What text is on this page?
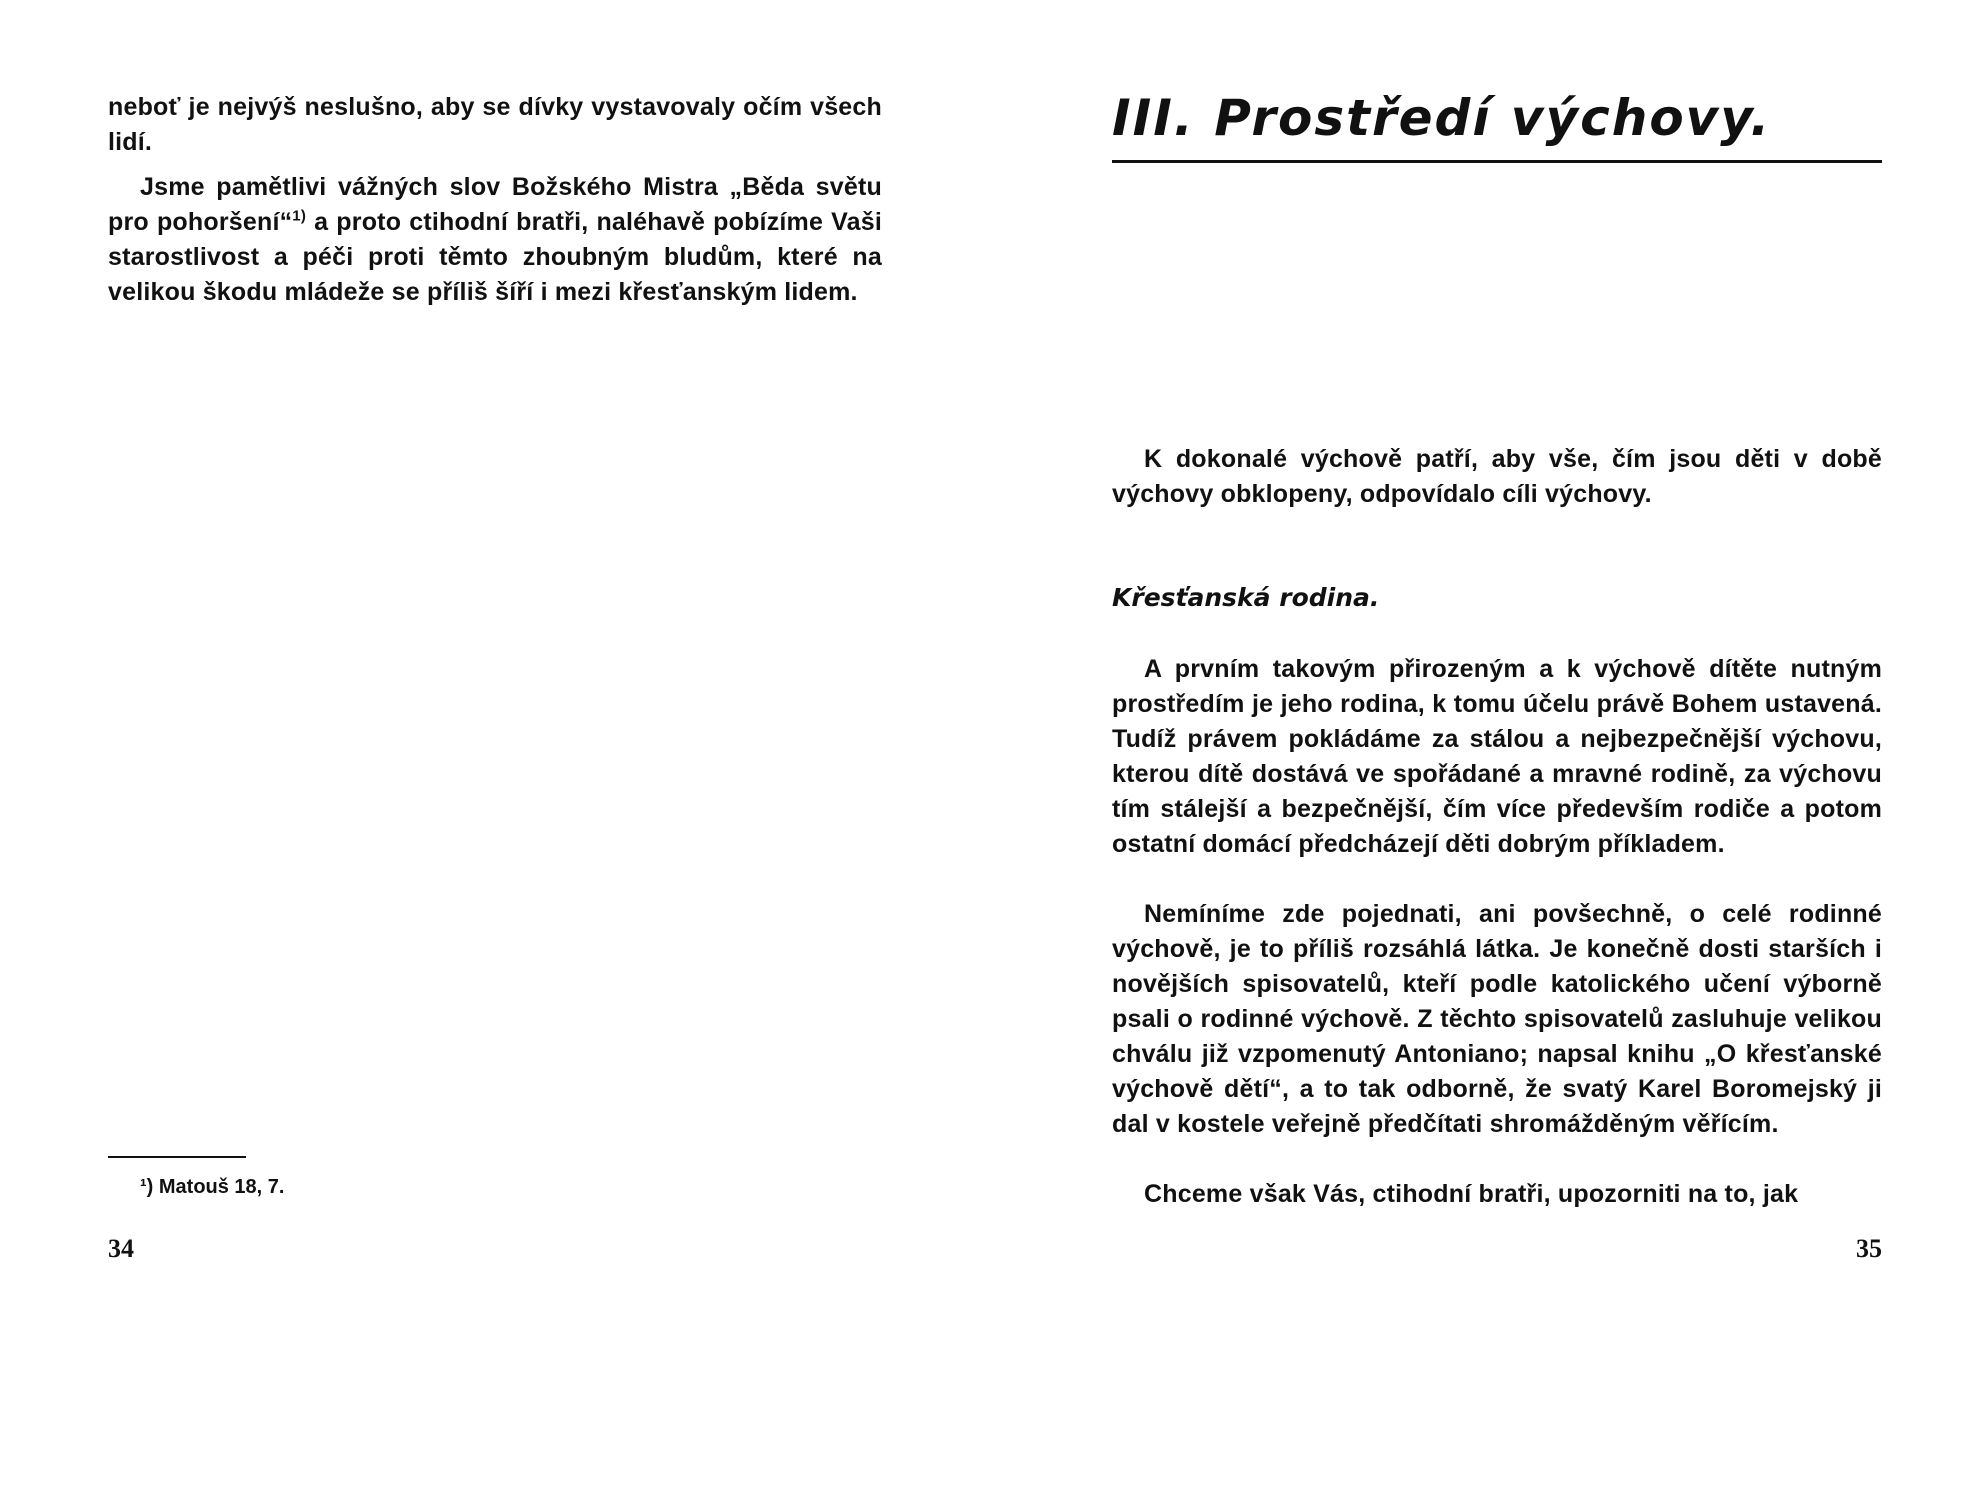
neboť je nejvýš neslušno, aby se dívky vystavovaly očím všech lidí.

Jsme pamětlivi vážných slov Božského Mistra „Běda světu pro pohoršení“$^{1)}$ a proto ctihodní bratři, naléhavě pobízíme Vaši starostlivost a péči proti těmto zhoubným bludům, které na velikou škodu mládeže se příliš šíří i mezi křesťanským lidem.

¹) Matouš 18, 7.

34

III. Prostředí výchovy.

K dokonalé výchově patří, aby vše, čím jsou děti v době výchovy obklopeny, odpovídalo cíli výchovy.

Křesťanská rodina.

A prvním takovým přirozeným a k výchově dítěte nutným prostředím je jeho rodina, k tomu účelu právě Bohem ustavená. Tudíž právem pokládáme za stálou a nejbezpečnější výchovu, kterou dítě dostává ve spořádané a mravné rodině, za výchovu tím stálejší a bezpečnější, čím více především rodiče a potom ostatní domácí předcházejí děti dobrým příkladem.

Nemíníme zde pojednati, ani povšechně, o celé rodinné výchově, je to příliš rozsáhlá látka. Je konečně dosti starších i novějších spisovatelů, kteří podle katolického učení výborně psali o rodinné výchově. Z těchto spisovatelů zasluhuje velikou chválu již vzpomenutý Antoniano; napsal knihu „O křesťanské výchově dětí“, a to tak odborně, že svatý Karel Boromejský ji dal v kostele veřejně předčítati shromážděným věřícím.

Chceme však Vás, ctihodní bratři, upozorniti na to, jak

35
